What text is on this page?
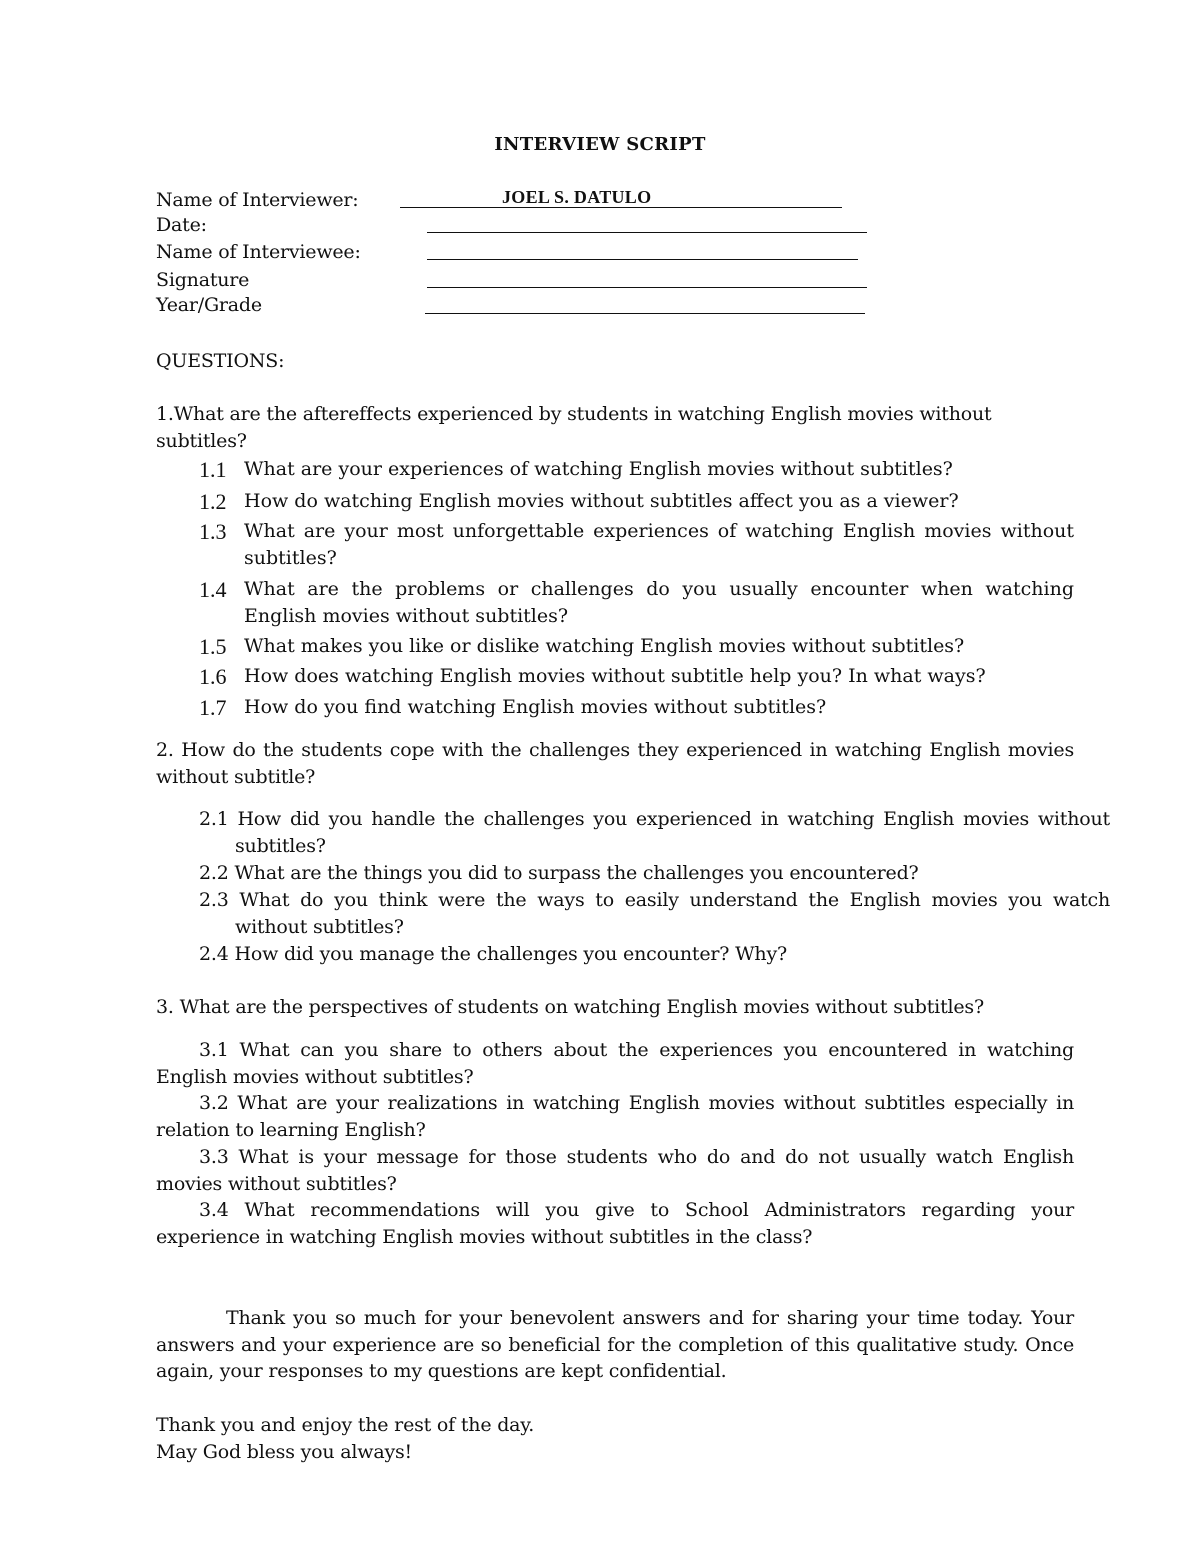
INTERVIEW SCRIPT
Name of Interviewer:	JOEL S. DATULO
Date:
Name of Interviewee:
Signature
Year/Grade
QUESTIONS:
1.What are the aftereffects experienced by students in watching English movies without subtitles?
1.1 What are your experiences of watching English movies without subtitles?
1.2 How do watching English movies without subtitles affect you as a viewer?
1.3 What are your most unforgettable experiences of watching English movies without subtitles?
1.4 What are the problems or challenges do you usually encounter when watching English movies without subtitles?
1.5 What makes you like or dislike watching English movies without subtitles?
1.6 How does watching English movies without subtitle help you? In what ways?
1.7 How do you find watching English movies without subtitles?
2. How do the students cope with the challenges they experienced in watching English movies without subtitle?
2.1 How did you handle the challenges you experienced in watching English movies without subtitles?
2.2 What are the things you did to surpass the challenges you encountered?
2.3 What do you think were the ways to easily understand the English movies you watch without subtitles?
2.4 How did you manage the challenges you encounter? Why?
3. What are the perspectives of students on watching English movies without subtitles?
3.1 What can you share to others about the experiences you encountered in watching English movies without subtitles?
3.2 What are your realizations in watching English movies without subtitles especially in relation to learning English?
3.3 What is your message for those students who do and do not usually watch English movies without subtitles?
3.4 What recommendations will you give to School Administrators regarding your experience in watching English movies without subtitles in the class?
Thank you so much for your benevolent answers and for sharing your time today. Your answers and your experience are so beneficial for the completion of this qualitative study. Once again, your responses to my questions are kept confidential.
Thank you and enjoy the rest of the day.
May God bless you always!
